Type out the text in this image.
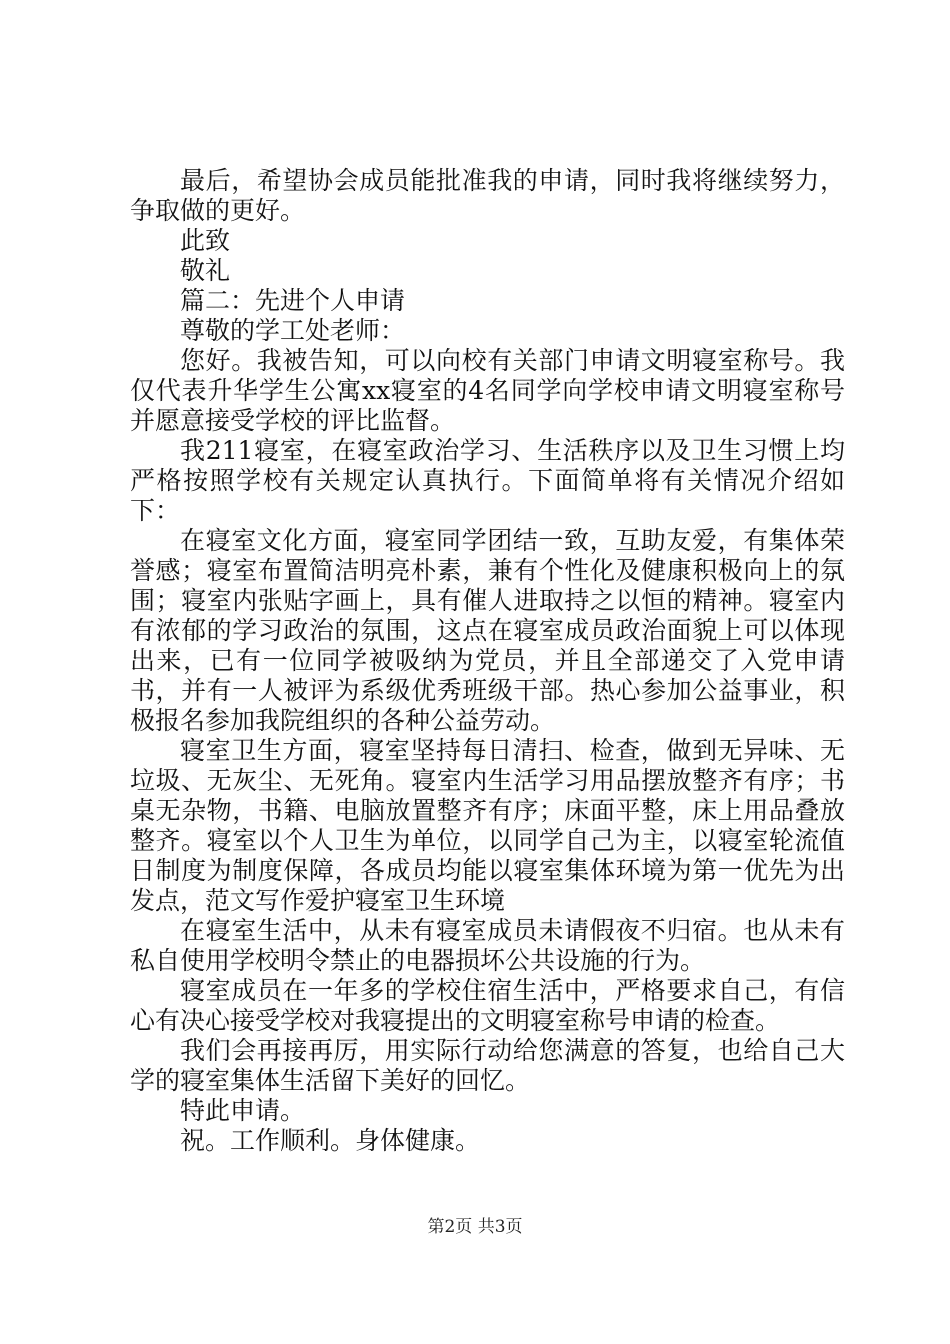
最后，希望协会成员能批准我的申请，同时我将继续努力，争取做的更好。

此致

敬礼

篇二：先进个人申请

尊敬的学工处老师：

您好。我被告知，可以向校有关部门申请文明寝室称号。我仅代表升华学生公寓xx寝室的4名同学向学校申请文明寝室称号并愿意接受学校的评比监督。

我211寝室，在寝室政治学习、生活秩序以及卫生习惯上均严格按照学校有关规定认真执行。下面简单将有关情况介绍如下：

在寝室文化方面，寝室同学团结一致，互助友爱，有集体荣誉感；寝室布置简洁明亮朴素，兼有个性化及健康积极向上的氛围；寝室内张贴字画上，具有催人进取持之以恒的精神。寝室内有浓郁的学习政治的氛围，这点在寝室成员政治面貌上可以体现出来，已有一位同学被吸纳为党员，并且全部递交了入党申请书，并有一人被评为系级优秀班级干部。热心参加公益事业，积极报名参加我院组织的各种公益劳动。

寝室卫生方面，寝室坚持每日清扫、检查，做到无异味、无垃圾、无灰尘、无死角。寝室内生活学习用品摆放整齐有序；书桌无杂物，书籍、电脑放置整齐有序；床面平整，床上用品叠放整齐。寝室以个人卫生为单位，以同学自己为主，以寝室轮流值日制度为制度保障，各成员均能以寝室集体环境为第一优先为出发点，范文写作爱护寝室卫生环境

在寝室生活中，从未有寝室成员未请假夜不归宿。也从未有私自使用学校明令禁止的电器损坏公共设施的行为。

寝室成员在一年多的学校住宿生活中，严格要求自己，有信心有决心接受学校对我寝提出的文明寝室称号申请的检查。

我们会再接再厉，用实际行动给您满意的答复，也给自己大学的寝室集体生活留下美好的回忆。

特此申请。

祝。工作顺利。身体健康。

第2页 共3页
